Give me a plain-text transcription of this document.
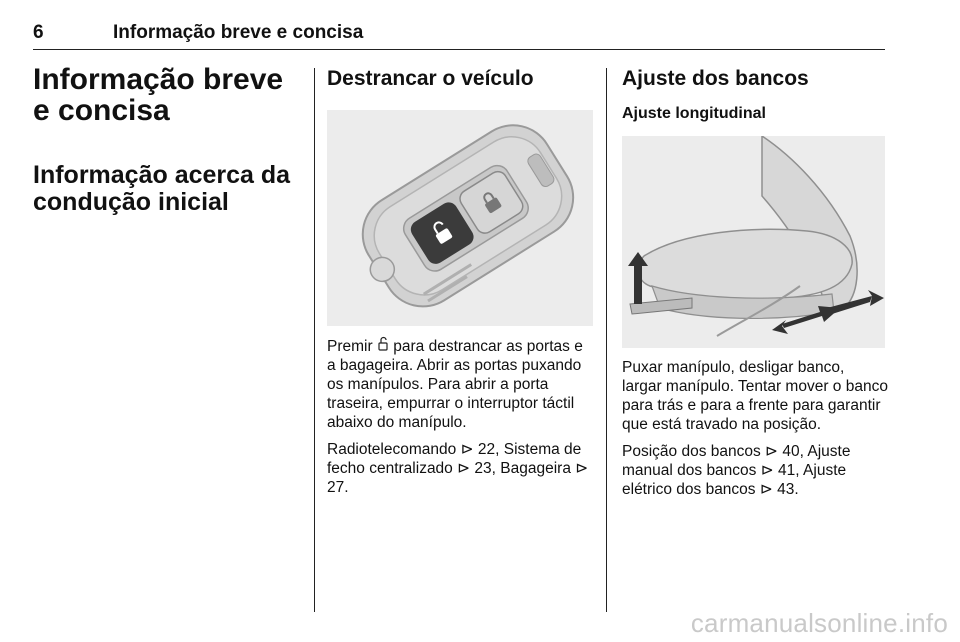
6	Informação breve e concisa
Informação breve e concisa
Informação acerca da condução inicial
Destrancar o veículo

Premir  para destrancar as portas e a bagageira. Abrir as portas puxando os manípulos. Para abrir a porta traseira, empurrar o interruptor táctil abaixo do manípulo.

Radiotelecomando ⊳ 22, Sistema de fecho centralizado ⊳ 23, Bagageira ⊳ 27.

Ajuste dos bancos
Ajuste longitudinal

Puxar manípulo, desligar banco, largar manípulo. Tentar mover o banco para trás e para a frente para garantir que está travado na posição.

Posição dos bancos ⊳ 40, Ajuste manual dos bancos ⊳ 41, Ajuste elétrico dos bancos ⊳ 43.

carmanualsonline.info
